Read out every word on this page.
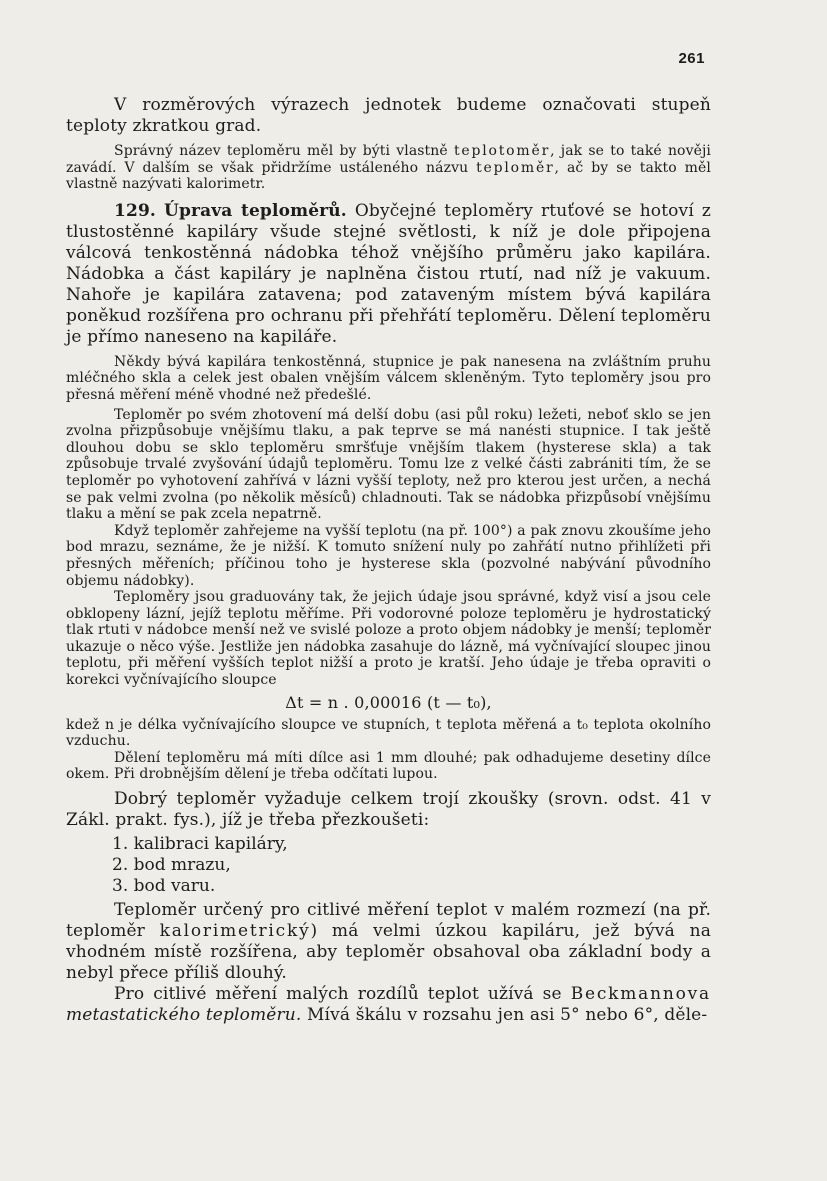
261

V rozměrových výrazech jednotek budeme označovati stupeň teploty zkratkou grad.

Správný název teploměru měl by býti vlastně teplotoměr, jak se to také nověji zavádí. V dalším se však přidržíme ustáleného názvu teploměr, ač by se takto měl vlastně nazývati kalorimetr.

129. Úprava teploměrů. Obyčejné teploměry rtuťové se hotoví z tlustostěnné kapiláry všude stejné světlosti, k níž je dole připojena válcová tenkostěnná nádobka téhož vnějšího průměru jako kapilára. Nádobka a část kapiláry je naplněna čistou rtutí, nad níž je vakuum. Nahoře je kapilára zatavena; pod zataveným místem bývá kapilára poněkud rozšířena pro ochranu při přehřátí teploměru. Dělení teploměru je přímo naneseno na kapiláře.

Někdy bývá kapilára tenkostěnná, stupnice je pak nanesena na zvláštním pruhu mléčného skla a celek jest obalen vnějším válcem skleněným. Tyto teploměry jsou pro přesná měření méně vhodné než předešlé.

Teploměr po svém zhotovení má delší dobu (asi půl roku) ležeti, neboť sklo se jen zvolna přizpůsobuje vnějšímu tlaku, a pak teprve se má nanésti stupnice. I tak ještě dlouhou dobu se sklo teploměru smršťuje vnějším tlakem (hysterese skla) a tak způsobuje trvalé zvyšování údajů teploměru. Tomu lze z velké části zabrániti tím, že se teploměr po vyhotovení zahřívá v lázni vyšší teploty, než pro kterou jest určen, a nechá se pak velmi zvolna (po několik měsíců) chladnouti. Tak se nádobka přizpůsobí vnějšímu tlaku a mění se pak zcela nepatrně.

Když teploměr zahřejeme na vyšší teplotu (na př. 100°) a pak znovu zkoušíme jeho bod mrazu, seznáme, že je nižší. K tomuto snížení nuly po zahřátí nutno přihlížeti při přesných měřeních; příčinou toho je hysterese skla (pozvolné nabývání původního objemu nádobky).

Teploměry jsou graduovány tak, že jejich údaje jsou správné, když visí a jsou cele obklopeny lázní, jejíž teplotu měříme. Při vodorovné poloze teploměru je hydrostatický tlak rtuti v nádobce menší než ve svislé poloze a proto objem nádobky je menší; teploměr ukazuje o něco výše. Jestliže jen nádobka zasahuje do lázně, má vyčnívající sloupec jinou teplotu, při měření vyšších teplot nižší a proto je kratší. Jeho údaje je třeba opraviti o korekci vyčnívajícího sloupce

Δt = n . 0,00016 (t — t₀),

kdež n je délka vyčnívajícího sloupce ve stupních, t teplota měřená a t₀ teplota okolního vzduchu.

Dělení teploměru má míti dílce asi 1 mm dlouhé; pak odhadujeme desetiny dílce okem. Při drobnějším dělení je třeba odčítati lupou.

Dobrý teploměr vyžaduje celkem trojí zkoušky (srovn. odst. 41 v Zákl. prakt. fys.), jíž je třeba přezkoušeti:

1. kalibraci kapiláry,
2. bod mrazu,
3. bod varu.

Teploměr určený pro citlivé měření teplot v malém rozmezí (na př. teploměr kalorimetrický) má velmi úzkou kapiláru, jež bývá na vhodném místě rozšířena, aby teploměr obsahoval oba základní body a nebyl přece příliš dlouhý.

Pro citlivé měření malých rozdílů teplot užívá se Beckmannova metastatického teploměru. Mívá škálu v rozsahu jen asi 5° nebo 6°, děle-
